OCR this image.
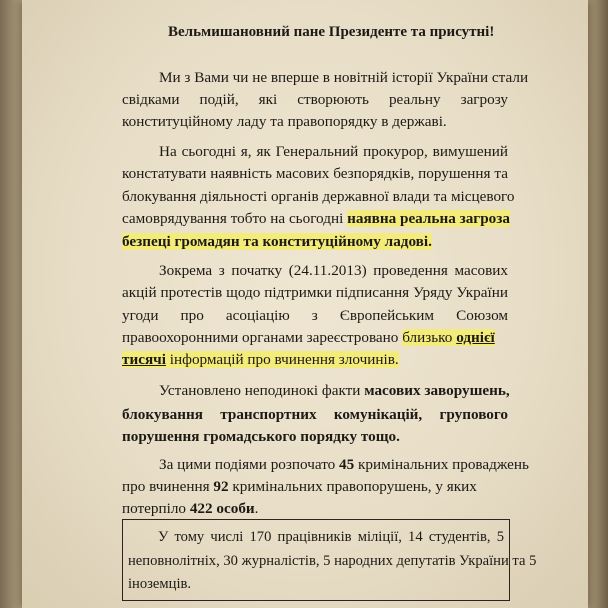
Вельмишановний пане Президенте та присутні!

Ми з Вами чи не вперше в новітній історії України стали

свідками подій, які створюють реальну загрозу

конституційному ладу та правопорядку в державі.

На сьогодні я, як Генеральний прокурор, вимушений

констатувати наявність масових безпорядків, порушення та

блокування діяльності органів державної влади та місцевого

самоврядування тобто на сьогодні наявна реальна загроза

безпеці громадян та конституційному ладові.

Зокрема з початку (24.11.2013) проведення масових

акцій протестів щодо підтримки підписання Уряду України

угоди про асоціацію з Європейським Союзом

правоохоронними органами зареєстровано близько однієї

тисячі інформацій про вчинення злочинів.

Установлено неподинокі факти масових заворушень,

блокування транспортних комунікацій, групового

порушення громадського порядку тощо.

За цими подіями розпочато 45 кримінальних проваджень

про вчинення 92 кримінальних правопорушень, у яких

потерпіло 422 особи.

У тому числі 170 працівників міліції, 14 студентів, 5

неповнолітніх, 30 журналістів, 5 народних депутатів України та 5

іноземців.
